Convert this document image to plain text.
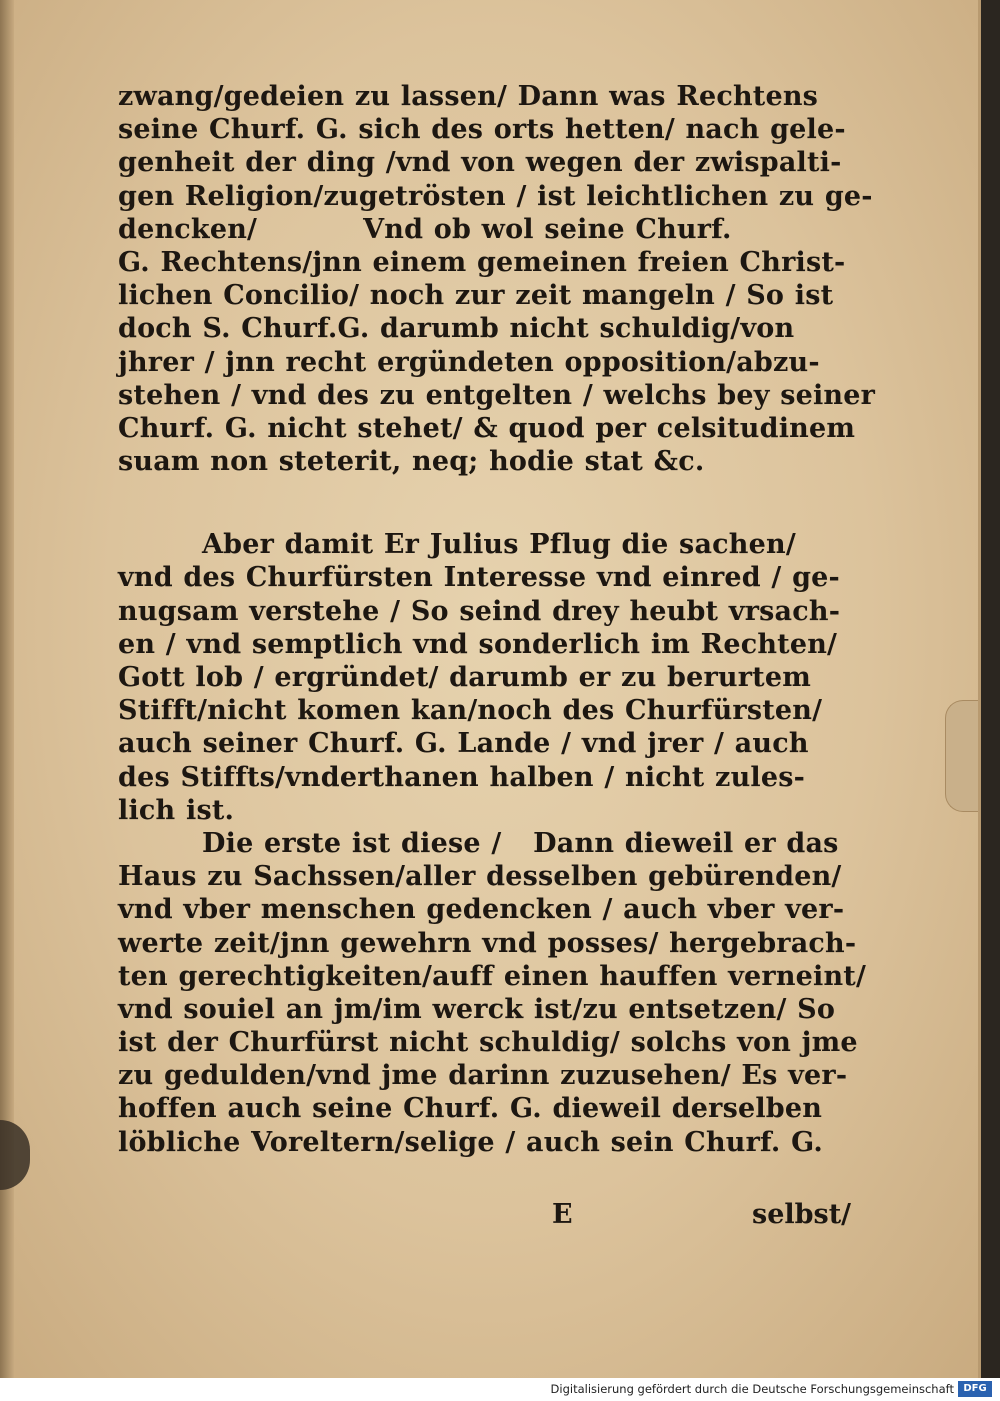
zwang/gedeien zu lassen/ Dann was Rechtens
seine Churf. G. sich des orts hetten/ nach gele-
genheit der ding /vnd von wegen der zwispalti-
gen Religion/zugetrösten / ist leichtlichen zu ge-
dencken/          Vnd ob wol seine Churf.
G. Rechtens/jnn einem gemeinen freien Christ-
lichen Concilio/ noch zur zeit mangeln / So ist
doch S. Churf.G. darumb nicht schuldig/von
jhrer / jnn recht ergündeten opposition/abzu-
stehen / vnd des zu entgelten / welchs bey seiner
Churf. G. nicht stehet/ & quod per celsitudinem
suam non steterit, neq; hodie stat &c.
Aber damit Er Julius Pflug die sachen/
vnd des Churfürsten Interesse vnd einred / ge-
nugsam verstehe / So seind drey heubt vrsach-
en / vnd semptlich vnd sonderlich im Rechten/
Gott lob / ergründet/ darumb er zu berurtem
Stifft/nicht komen kan/noch des Churfürsten/
auch seiner Churf. G. Lande / vnd jrer / auch
des Stiffts/vnderthanen halben / nicht zules-
lich ist.
Die erste ist diese /   Dann dieweil er das
Haus zu Sachssen/aller desselben gebürenden/
vnd vber menschen gedencken / auch vber ver-
werte zeit/jnn gewehrn vnd posses/ hergebrach-
ten gerechtigkeiten/auff einen hauffen verneint/
vnd souiel an jm/im werck ist/zu entsetzen/ So
ist der Churfürst nicht schuldig/ solchs von jme
zu gedulden/vnd jme darinn zuzusehen/ Es ver-
hoffen auch seine Churf. G. dieweil derselben
löbliche Voreltern/selige / auch sein Churf. G.
E	selbst/
Digitalisierung gefördert durch die Deutsche Forschungsgemeinschaft DFG
